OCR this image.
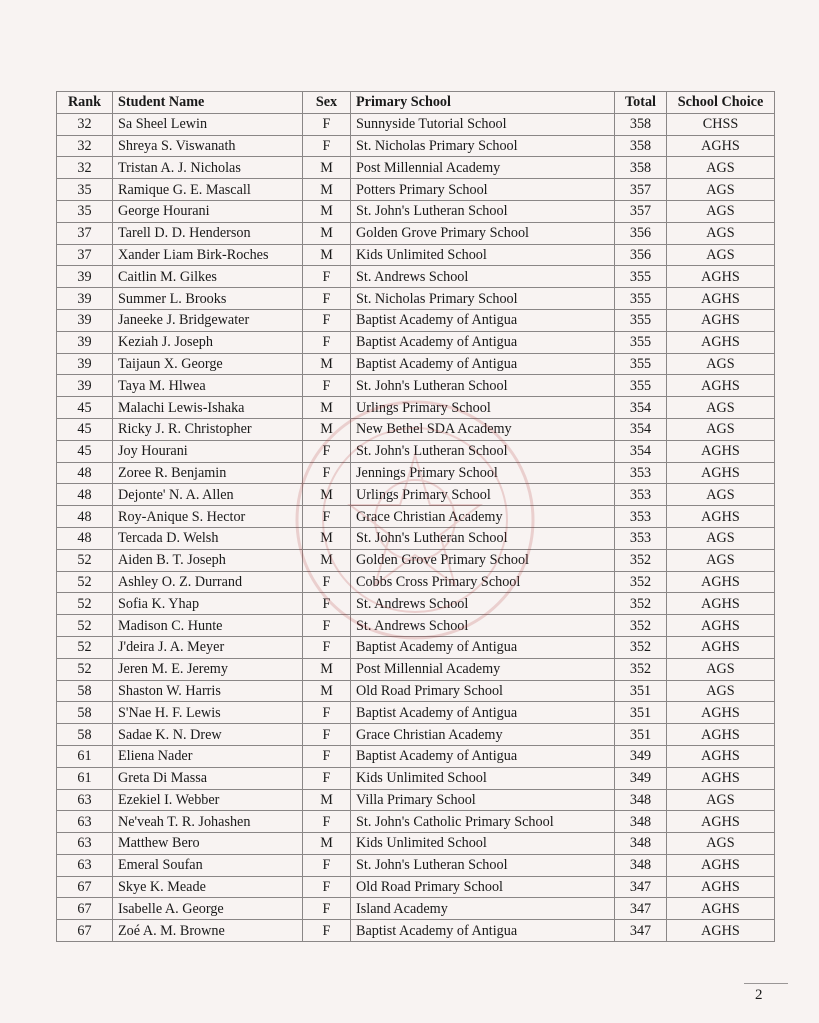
Rank	Student Name	Sex	Primary School	Total	School Choice
32	Sa Sheel Lewin	F	Sunnyside Tutorial School	358	CHSS
32	Shreya S. Viswanath	F	St. Nicholas Primary School	358	AGHS
32	Tristan A. J. Nicholas	M	Post Millennial Academy	358	AGS
35	Ramique G. E. Mascall	M	Potters Primary School	357	AGS
35	George Hourani	M	St. John's Lutheran School	357	AGS
37	Tarell D. D. Henderson	M	Golden Grove Primary School	356	AGS
37	Xander Liam Birk-Roches	M	Kids Unlimited School	356	AGS
39	Caitlin M. Gilkes	F	St. Andrews School	355	AGHS
39	Summer L. Brooks	F	St. Nicholas Primary School	355	AGHS
39	Janeeke J. Bridgewater	F	Baptist Academy of Antigua	355	AGHS
39	Keziah J. Joseph	F	Baptist Academy of Antigua	355	AGHS
39	Taijaun X. George	M	Baptist Academy of Antigua	355	AGS
39	Taya M. Hlwea	F	St. John's Lutheran School	355	AGHS
45	Malachi Lewis-Ishaka	M	Urlings Primary School	354	AGS
45	Ricky J. R. Christopher	M	New Bethel SDA Academy	354	AGS
45	Joy Hourani	F	St. John's Lutheran School	354	AGHS
48	Zoree R. Benjamin	F	Jennings Primary School	353	AGHS
48	Dejonte' N. A. Allen	M	Urlings Primary School	353	AGS
48	Roy-Anique S. Hector	F	Grace Christian Academy	353	AGHS
48	Tercada D. Welsh	M	St. John's Lutheran School	353	AGS
52	Aiden B. T. Joseph	M	Golden Grove Primary School	352	AGS
52	Ashley O. Z. Durrand	F	Cobbs Cross Primary School	352	AGHS
52	Sofia K. Yhap	F	St. Andrews School	352	AGHS
52	Madison C. Hunte	F	St. Andrews School	352	AGHS
52	J'deira J. A. Meyer	F	Baptist Academy of Antigua	352	AGHS
52	Jeren M. E. Jeremy	M	Post Millennial Academy	352	AGS
58	Shaston W. Harris	M	Old Road Primary School	351	AGS
58	S'Nae H. F. Lewis	F	Baptist Academy of Antigua	351	AGHS
58	Sadae K. N. Drew	F	Grace Christian Academy	351	AGHS
61	Eliena Nader	F	Baptist Academy of Antigua	349	AGHS
61	Greta Di Massa	F	Kids Unlimited School	349	AGHS
63	Ezekiel I. Webber	M	Villa Primary School	348	AGS
63	Ne'veah T. R. Johashen	F	St. John's Catholic Primary School	348	AGHS
63	Matthew Bero	M	Kids Unlimited School	348	AGS
63	Emeral Soufan	F	St. John's Lutheran School	348	AGHS
67	Skye K. Meade	F	Old Road Primary School	347	AGHS
67	Isabelle A. George	F	Island Academy	347	AGHS
67	Zoé A. M. Browne	F	Baptist Academy of Antigua	347	AGHS
2
